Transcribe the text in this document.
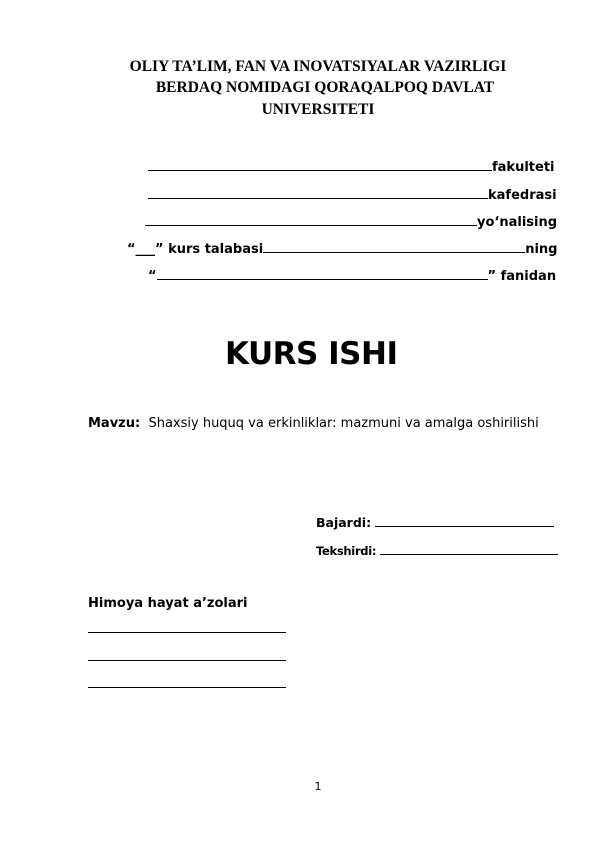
OLIY TA’LIM, FAN VA INOVATSIYALAR VAZIRLIGI
BERDAQ NOMIDAGI QORAQALPOQ DAVLAT
UNIVERSITETI
fakulteti
kafedrasi
yo‘nalising
“___” kurs talabasi	ning
“	” fanidan
KURS ISHI
Mavzu: Shaxsiy huquq va erkinliklar: mazmuni va amalga oshirilishi
Bajardi:
Tekshirdi:
Himoya hayat a’zolari
1
